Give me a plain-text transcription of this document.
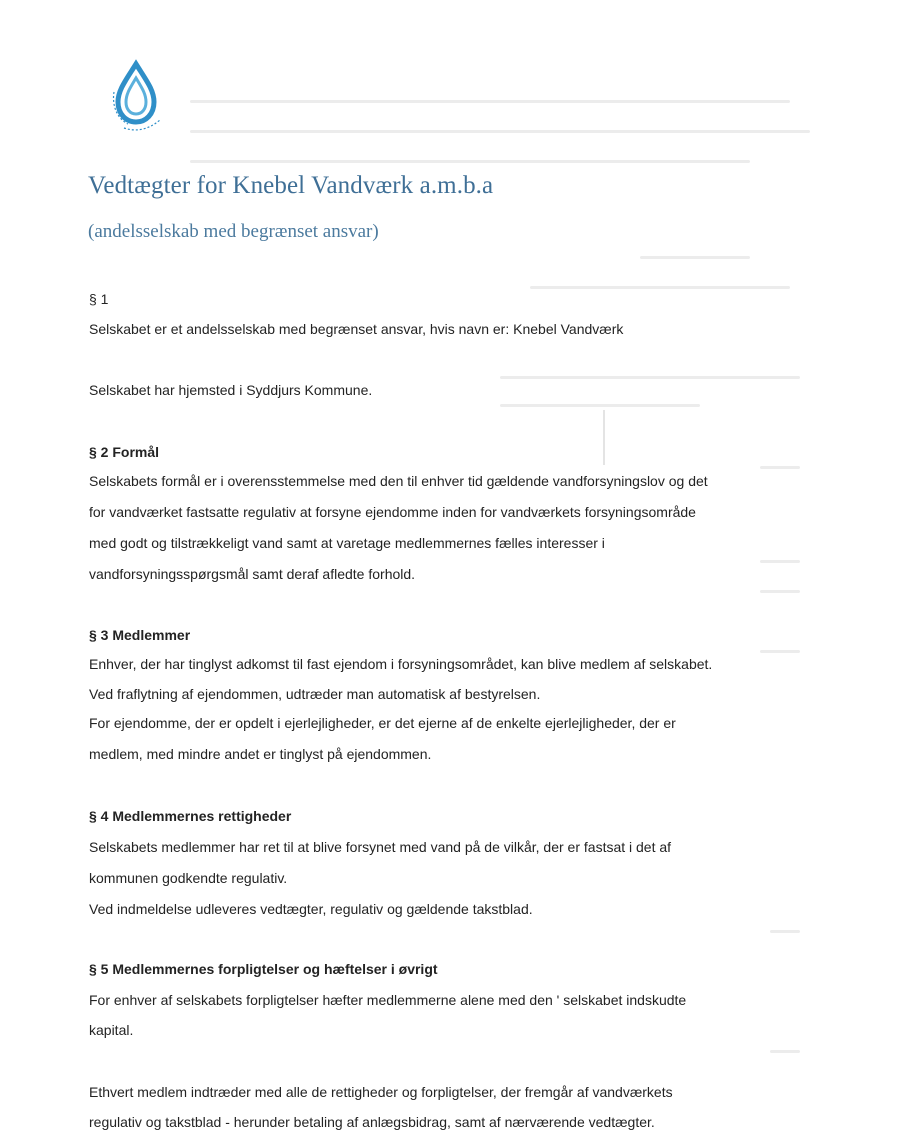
Vedtægter for Knebel Vandværk a.m.b.a
(andelsselskab med begrænset ansvar)
§ 1
Selskabet er et andelsselskab med begrænset ansvar, hvis navn er: Knebel Vandværk
Selskabet har hjemsted i Syddjurs Kommune.
§ 2 Formål
Selskabets formål er i overensstemmelse med den til enhver tid gældende vandforsyningslov og det
for vandværket fastsatte regulativ at forsyne ejendomme inden for vandværkets forsyningsområde
med godt og tilstrækkeligt vand samt at varetage medlemmernes fælles interesser i
vandforsyningsspørgsmål samt deraf afledte forhold.
§ 3 Medlemmer
Enhver, der har tinglyst adkomst til fast ejendom i forsyningsområdet, kan blive medlem af selskabet.
Ved fraflytning af ejendommen, udtræder man automatisk af bestyrelsen.
For ejendomme, der er opdelt i ejerlejligheder, er det ejerne af de enkelte ejerlejligheder, der er
medlem, med mindre andet er tinglyst på ejendommen.
§ 4 Medlemmernes rettigheder
Selskabets medlemmer har ret til at blive forsynet med vand på de vilkår, der er fastsat i det af
kommunen godkendte regulativ.
Ved indmeldelse udleveres vedtægter, regulativ og gældende takstblad.
§ 5 Medlemmernes forpligtelser og hæftelser i øvrigt
For enhver af selskabets forpligtelser hæfter medlemmerne alene med den ' selskabet indskudte
kapital.
Ethvert medlem indtræder med alle de rettigheder og forpligtelser, der fremgår af vandværkets
regulativ og takstblad - herunder betaling af anlægsbidrag, samt af nærværende vedtægter.
